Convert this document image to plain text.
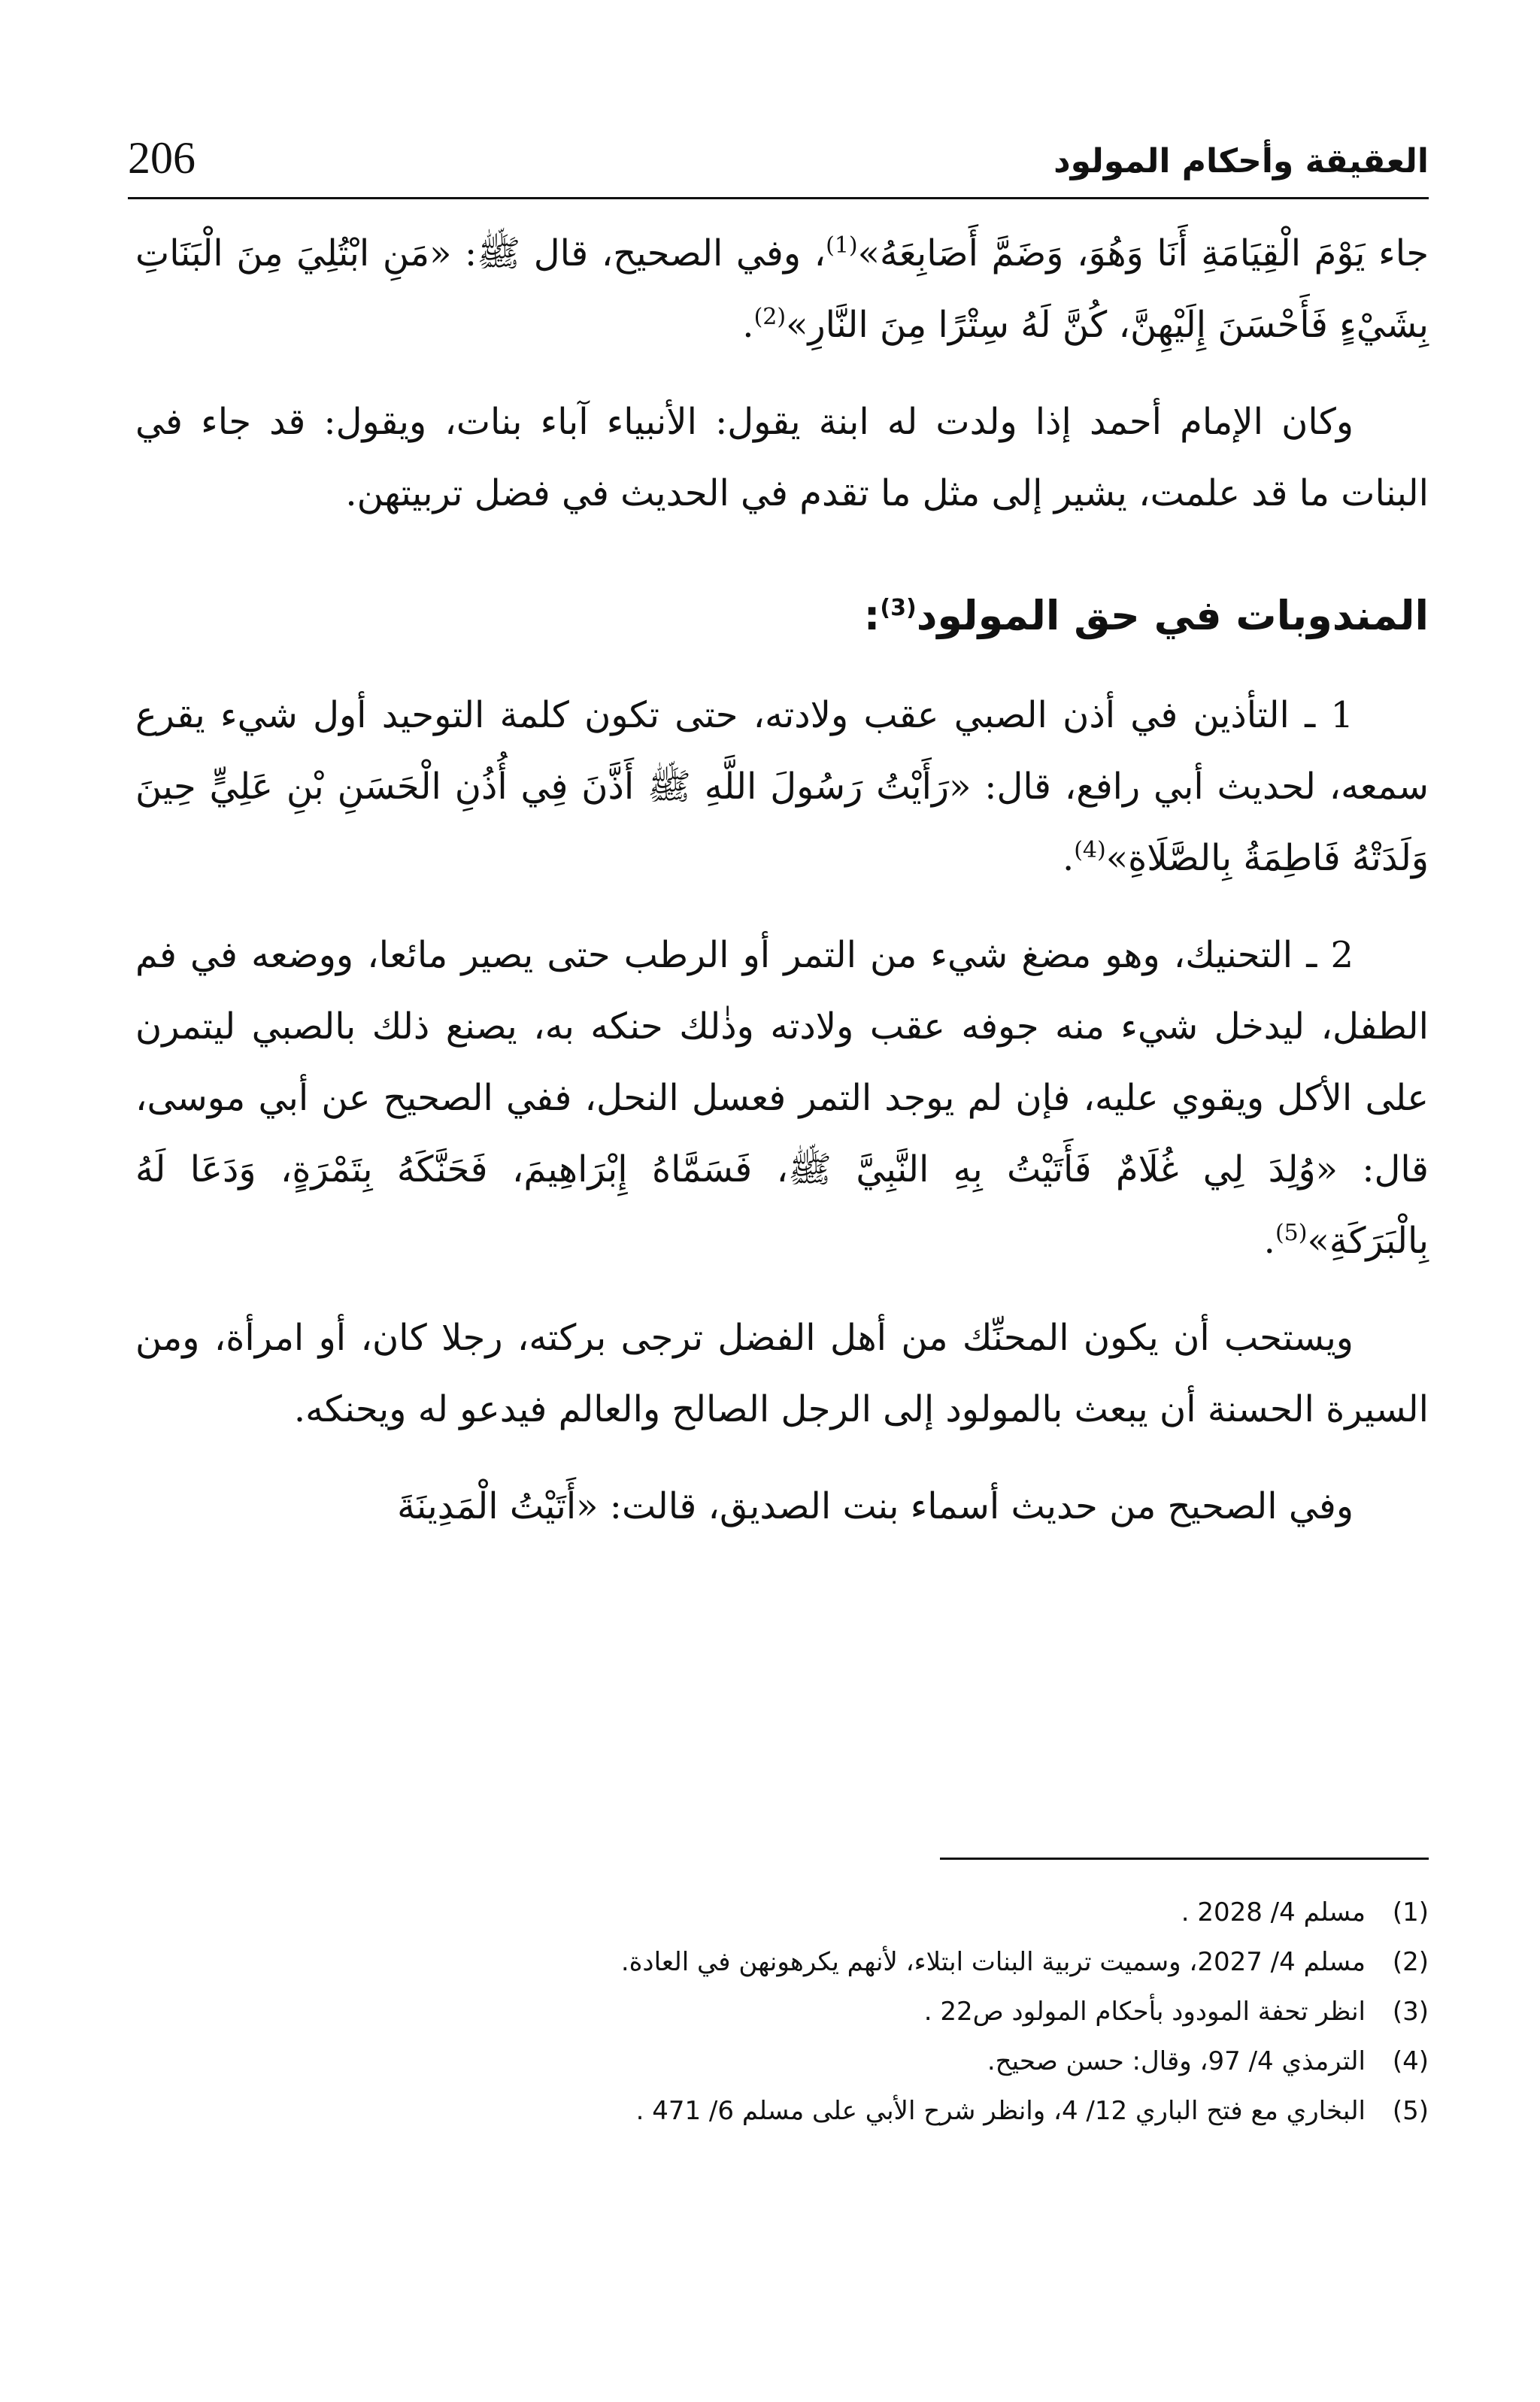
206	العقيقة وأحكام المولود

جاء يَوْمَ الْقِيَامَةِ أَنَا وَهُوَ، وَضَمَّ أَصَابِعَهُ»$^{(1)}$، وفي الصحيح، قال ﷺ: «مَنِ ابْتُلِيَ مِنَ الْبَنَاتِ بِشَيْءٍ فَأَحْسَنَ إِلَيْهِنَّ، كُنَّ لَهُ سِتْرًا مِنَ النَّارِ»$^{(2)}$.

وكان الإمام أحمد إذا ولدت له ابنة يقول: الأنبياء آباء بنات، ويقول: قد جاء في البنات ما قد علمت، يشير إلى مثل ما تقدم في الحديث في فضل تربيتهن.

المندوبات في حق المولود$^{(3)}$:

1 ـ التأذين في أذن الصبي عقب ولادته، حتى تكون كلمة التوحيد أول شيء يقرع سمعه، لحديث أبي رافع، قال: «رَأَيْتُ رَسُولَ اللَّهِ ﷺ أَذَّنَ فِي أُذُنِ الْحَسَنِ بْنِ عَلِيٍّ حِينَ وَلَدَتْهُ فَاطِمَةُ بِالصَّلَاةِ»$^{(4)}$.

2 ـ التحنيك، وهو مضغ شيء من التمر أو الرطب حتى يصير مائعا، ووضعه في فم الطفل، ليدخل شيء منه جوفه عقب ولادته وذٰلك حنكه به، يصنع ذلك بالصبي ليتمرن على الأكل ويقوي عليه، فإن لم يوجد التمر فعسل النحل، ففي الصحيح عن أبي موسى، قال: «وُلِدَ لِي غُلَامٌ فَأَتَيْتُ بِهِ النَّبِيَّ ﷺ، فَسَمَّاهُ إِبْرَاهِيمَ، فَحَنَّكَهُ بِتَمْرَةٍ، وَدَعَا لَهُ بِالْبَرَكَةِ»$^{(5)}$.

ويستحب أن يكون المحنِّك من أهل الفضل ترجى بركته، رجلا كان، أو امرأة، ومن السيرة الحسنة أن يبعث بالمولود إلى الرجل الصالح والعالم فيدعو له ويحنكه.

وفي الصحيح من حديث أسماء بنت الصديق، قالت: «أَتَيْتُ الْمَدِينَةَ

(1)
مسلم 4/ 2028 .
(2)
مسلم 4/ 2027، وسميت تربية البنات ابتلاء، لأنهم يكرهونهن في العادة.
(3)
انظر تحفة المودود بأحكام المولود ص22 .
(4)
الترمذي 4/ 97، وقال: حسن صحيح.
(5)
البخاري مع فتح الباري 12/ 4، وانظر شرح الأبي على مسلم 6/ 471 .
